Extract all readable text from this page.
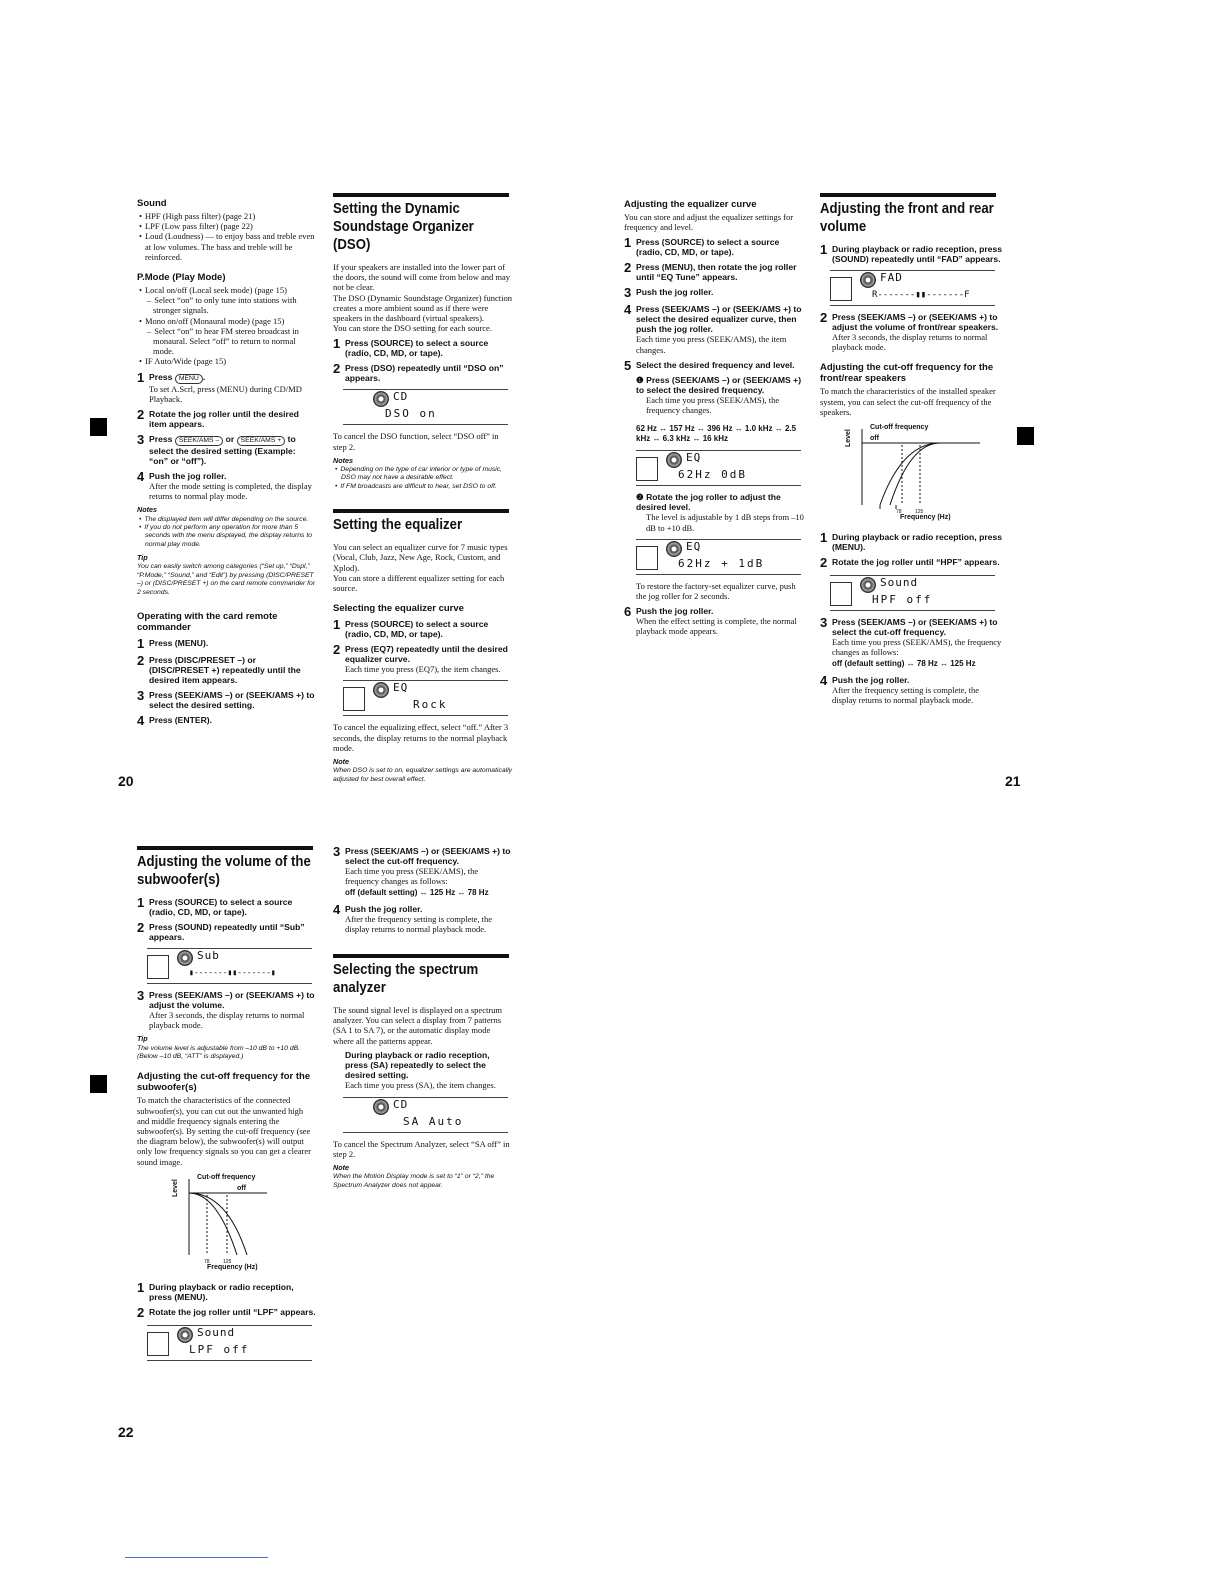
Sound
• HPF (High pass filter) (page 21)
• LPF (Low pass filter) (page 22)
• Loud (Loudness) — to enjoy bass and treble even at low volumes. The bass and treble will be reinforced.
P.Mode (Play Mode)
• Local on/off (Local seek mode) (page 15)
– Select “on” to only tune into stations with stronger signals.
• Mono on/off (Monaural mode) (page 15)
– Select “on” to hear FM stereo broadcast in monaural. Select “off” to return to normal mode.
• IF Auto/Wide (page 15)
1 Press MENU .
To set A.Scrl, press (MENU) during CD/MD Playback.
2 Rotate the jog roller until the desired item appears.
3 Press SEEK/AMS – or SEEK/AMS + to select the desired setting (Example: “on” or “off”).
4 Push the jog roller.
After the mode setting is completed, the display returns to normal play mode.
Notes
• The displayed item will differ depending on the source.
• If you do not perform any operation for more than 5 seconds with the menu displayed, the display returns to normal play mode.
Tip
You can easily switch among categories (“Set up,” “Dspl,” “P.Mode,” “Sound,” and “Edit”) by pressing (DISC/PRESET –) or (DISC/PRESET +) on the card remote commander for 2 seconds.
Operating with the card remote commander
1 Press (MENU).
2 Press (DISC/PRESET –) or (DISC/PRESET +) repeatedly until the desired item appears.
3 Press (SEEK/AMS –) or (SEEK/AMS +) to select the desired setting.
4 Press (ENTER).
20
Setting the Dynamic Soundstage Organizer (DSO)
If your speakers are installed into the lower part of the doors, the sound will come from below and may not be clear.
The DSO (Dynamic Soundstage Organizer) function creates a more ambient sound as if there were speakers in the dashboard (virtual speakers).
You can store the DSO setting for each source.
1 Press (SOURCE) to select a source (radio, CD, MD, or tape).
2 Press (DSO) repeatedly until “DSO on” appears.
CD
DSO on
To cancel the DSO function, select “DSO off” in step 2.
Notes
• Depending on the type of car interior or type of music, DSO may not have a desirable effect.
• If FM broadcasts are difficult to hear, set DSO to off.
Setting the equalizer
You can select an equalizer curve for 7 music types (Vocal, Club, Jazz, New Age, Rock, Custom, and Xplod).
You can store a different equalizer setting for each source.
Selecting the equalizer curve
1 Press (SOURCE) to select a source (radio, CD, MD, or tape).
2 Press (EQ7) repeatedly until the desired equalizer curve.
Each time you press (EQ7), the item changes.
EQ
Rock
To cancel the equalizing effect, select “off.” After 3 seconds, the display returns to the normal playback mode.
Note
When DSO is set to on, equalizer settings are automatically adjusted for best overall effect.
Adjusting the equalizer curve
You can store and adjust the equalizer settings for frequency and level.
1 Press (SOURCE) to select a source (radio, CD, MD, or tape).
2 Press (MENU), then rotate the jog roller until “EQ Tune” appears.
3 Push the jog roller.
4 Press (SEEK/AMS –) or (SEEK/AMS +) to select the desired equalizer curve, then push the jog roller.
Each time you press (SEEK/AMS), the item changes.
5 Select the desired frequency and level.
❶ Press (SEEK/AMS –) or (SEEK/AMS +) to select the desired frequency.
Each time you press (SEEK/AMS), the frequency changes.
62 Hz ↔ 157 Hz ↔ 396 Hz ↔ 1.0 kHz ↔ 2.5 kHz ↔ 6.3 kHz ↔ 16 kHz
EQ
62Hz 0dB
❷ Rotate the jog roller to adjust the desired level.
The level is adjustable by 1 dB steps from –10 dB to +10 dB.
EQ
62Hz + 1dB
To restore the factory-set equalizer curve, push the jog roller for 2 seconds.
6 Push the jog roller.
When the effect setting is complete, the normal playback mode appears.
Adjusting the front and rear volume
1 During playback or radio reception, press (SOUND) repeatedly until “FAD” appears.
FAD
R-------▮▮-------F
2 Press (SEEK/AMS –) or (SEEK/AMS +) to adjust the volume of front/rear speakers.
After 3 seconds, the display returns to normal playback mode.
Adjusting the cut-off frequency for the front/rear speakers
To match the characteristics of the installed speaker system, you can select the cut-off frequency of the speakers.
Level
Cut-off frequency
off
78	125
Frequency (Hz)
1 During playback or radio reception, press (MENU).
2 Rotate the jog roller until “HPF” appears.
Sound
HPF off
3 Press (SEEK/AMS –) or (SEEK/AMS +) to select the cut-off frequency.
Each time you press (SEEK/AMS), the frequency changes as follows:
off (default setting) ↔ 78 Hz ↔ 125 Hz
4 Push the jog roller.
After the frequency setting is complete, the display returns to normal playback mode.
21
Adjusting the volume of the subwoofer(s)
1 Press (SOURCE) to select a source (radio, CD, MD, or tape).
2 Press (SOUND) repeatedly until “Sub” appears.
Sub
▮-------▮▮-------▮
3 Press (SEEK/AMS –) or (SEEK/AMS +) to adjust the volume.
After 3 seconds, the display returns to normal playback mode.
Tip
The volume level is adjustable from –10 dB to +10 dB. (Below –10 dB, “ATT” is displayed.)
Adjusting the cut-off frequency for the subwoofer(s)
To match the characteristics of the connected subwoofer(s), you can cut out the unwanted high and middle frequency signals entering the subwoofer(s). By setting the cut-off frequency (see the diagram below), the subwoofer(s) will output only low frequency signals so you can get a clearer sound image.
Level
Cut-off frequency
off
78	125
Frequency (Hz)
1 During playback or radio reception, press (MENU).
2 Rotate the jog roller until “LPF” appears.
Sound
LPF off
22
3 Press (SEEK/AMS –) or (SEEK/AMS +) to select the cut-off frequency.
Each time you press (SEEK/AMS), the frequency changes as follows:
off (default setting) ↔ 125 Hz ↔ 78 Hz
4 Push the jog roller.
After the frequency setting is complete, the display returns to normal playback mode.
Selecting the spectrum analyzer
The sound signal level is displayed on a spectrum analyzer. You can select a display from 7 patterns (SA 1 to SA 7), or the automatic display mode where all the patterns appear.
During playback or radio reception, press (SA) repeatedly to select the desired setting.
Each time you press (SA), the item changes.
CD
SA Auto
To cancel the Spectrum Analyzer, select “SA off” in step 2.
Note
When the Motion Display mode is set to “1” or “2,” the Spectrum Analyzer does not appear.
